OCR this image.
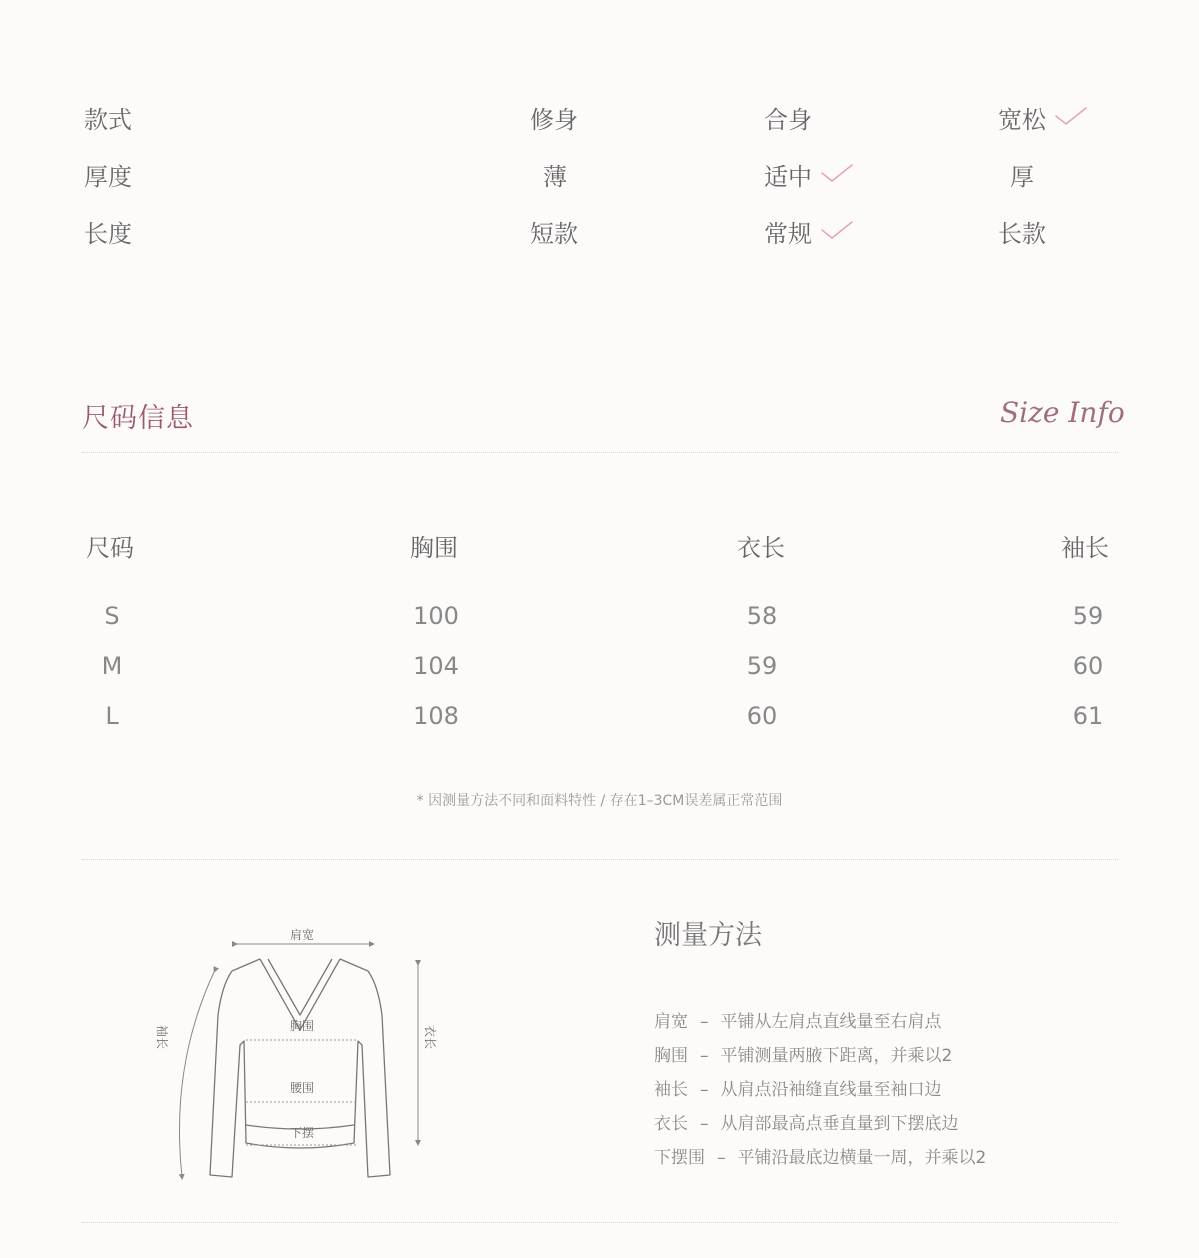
款式	修身	合身	宽松
厚度	薄	适中	厚
长度	短款	常规	长款
尺码信息	Size Info
尺码	胸围	衣长	袖长
S	100	58	59
M	104	59	60
L	108	60	61
* 因测量方法不同和面料特性 / 存在1–3CM误差属正常范围
肩宽
胸围
腰围
下摆
袖长	衣长
测量方法
肩宽 – 平铺从左肩点直线量至右肩点
胸围 – 平铺测量两腋下距离，并乘以2
袖长 – 从肩点沿袖缝直线量至袖口边
衣长 – 从肩部最高点垂直量到下摆底边
下摆围 – 平铺沿最底边横量一周，并乘以2
